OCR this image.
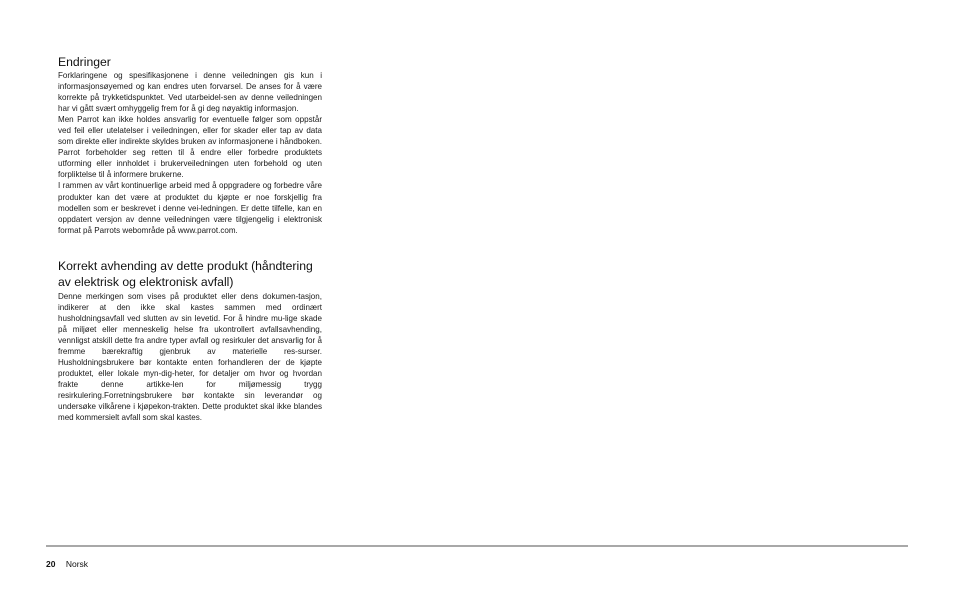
Endringer

Forklaringene og spesifikasjonene i denne veiledningen gis kun i informasjonsøyemed og kan endres uten forvarsel. De anses for å være korrekte på trykketidspunktet. Ved utarbeidel-sen av denne veiledningen har vi gått svært omhyggelig frem for å gi deg nøyaktig informasjon.

Men Parrot kan ikke holdes ansvarlig for eventuelle følger som oppstår ved feil eller utelatelser i veiledningen, eller for skader eller tap av data som direkte eller indirekte skyldes bruken av informasjonene i håndboken. Parrot forbeholder seg retten til å endre eller forbedre produktets utforming eller innholdet i brukerveiledningen uten forbehold og uten forpliktelse til å informere brukerne.

I rammen av vårt kontinuerlige arbeid med å oppgradere og forbedre våre produkter kan det være at produktet du kjøpte er noe forskjellig fra modellen som er beskrevet i denne vei-ledningen. Er dette tilfelle, kan en oppdatert versjon av denne veiledningen være tilgjengelig i elektronisk format på Parrots webområde på www.parrot.com.

Korrekt avhending av dette produkt (håndtering av elektrisk og elektronisk avfall)

Denne merkingen som vises på produktet eller dens dokumen-tasjon, indikerer at den ikke skal kastes sammen med ordinært husholdningsavfall ved slutten av sin levetid. For å hindre mu-lige skade på miljøet eller menneskelig helse fra ukontrollert avfallsavhending, vennligst atskill dette fra andre typer avfall og resirkuler det ansvarlig for å fremme bærekraftig gjenbruk av materielle res-surser. Husholdningsbrukere bør kontakte enten forhandleren der de kjøpte produktet, eller lokale myn-dig-heter, for detaljer om hvor og hvordan frakte denne artikke-len for miljømessig trygg resirkulering.Forretningsbrukere bør kontakte sin leverandør og undersøke vilkårene i kjøpekon-trakten. Dette produktet skal ikke blandes med kommersielt avfall som skal kastes.

20 Norsk
